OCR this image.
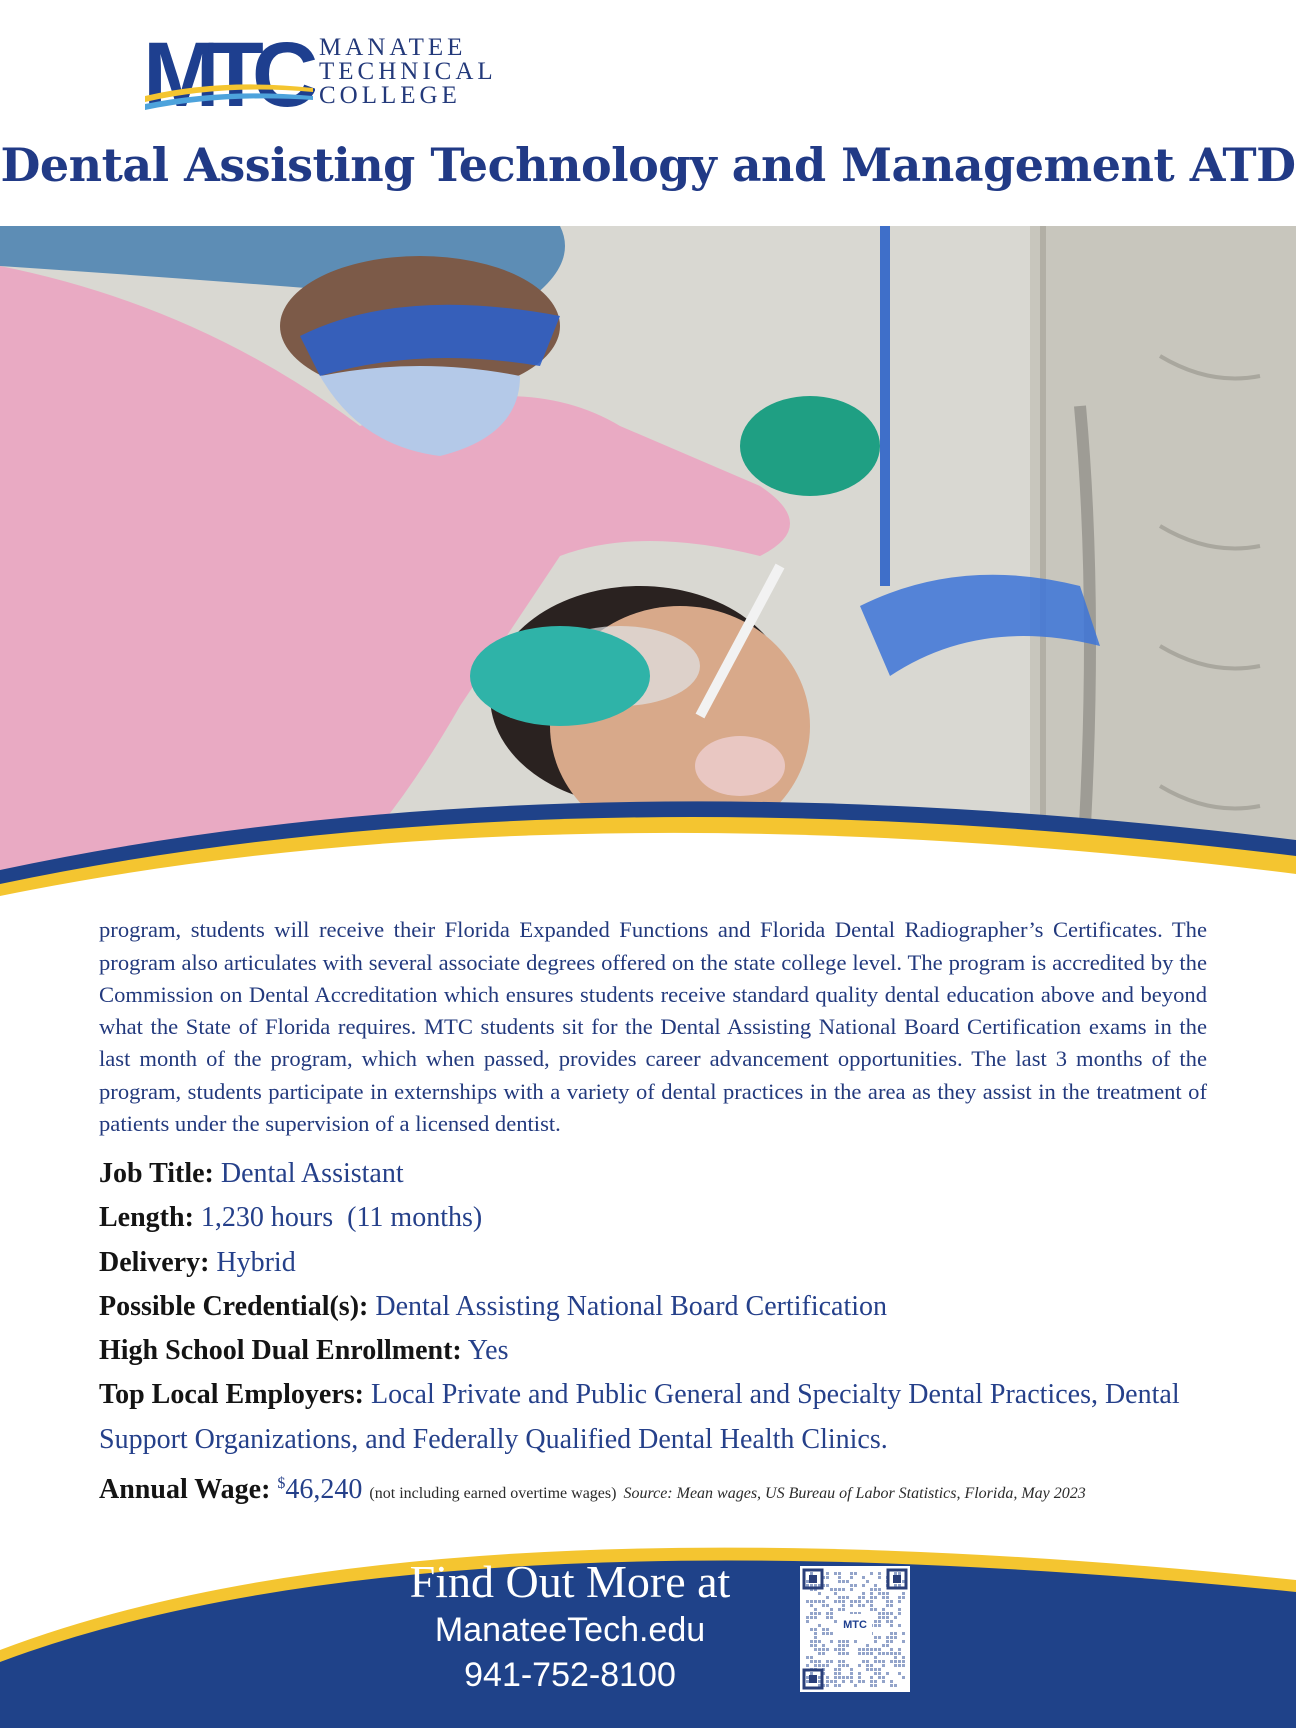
MTC MANATEE
TECHNICAL
COLLEGE
Dental Assisting Technology and Management ATD

program, students will receive their Florida Expanded Functions and Florida Dental Radiographer’s Certificates. The program also articulates with several associate degrees offered on the state college level. The program is accredited by the Commission on Dental Accreditation which ensures students receive standard quality dental education above and beyond what the State of Florida requires. MTC students sit for the Dental Assisting National Board Certification exams in the last month of the program, which when passed, provides career advancement opportunities. The last 3 months of the program, students participate in externships with a variety of dental practices in the area as they assist in the treatment of patients under the supervision of a licensed dentist.

Job Title: Dental Assistant
Length: 1,230 hours  (11 months)
Delivery: Hybrid
Possible Credential(s): Dental Assisting National Board Certification
High School Dual Enrollment: Yes
Top Local Employers: Local Private and Public General and Specialty Dental Practices, Dental Support Organizations, and Federally Qualified Dental Health Clinics.
Annual Wage: $46,240 (not including earned overtime wages) Source: Mean wages, US Bureau of Labor Statistics, Florida, May 2023
Find Out More at
ManateeTech.edu
941-752-8100
MTC
